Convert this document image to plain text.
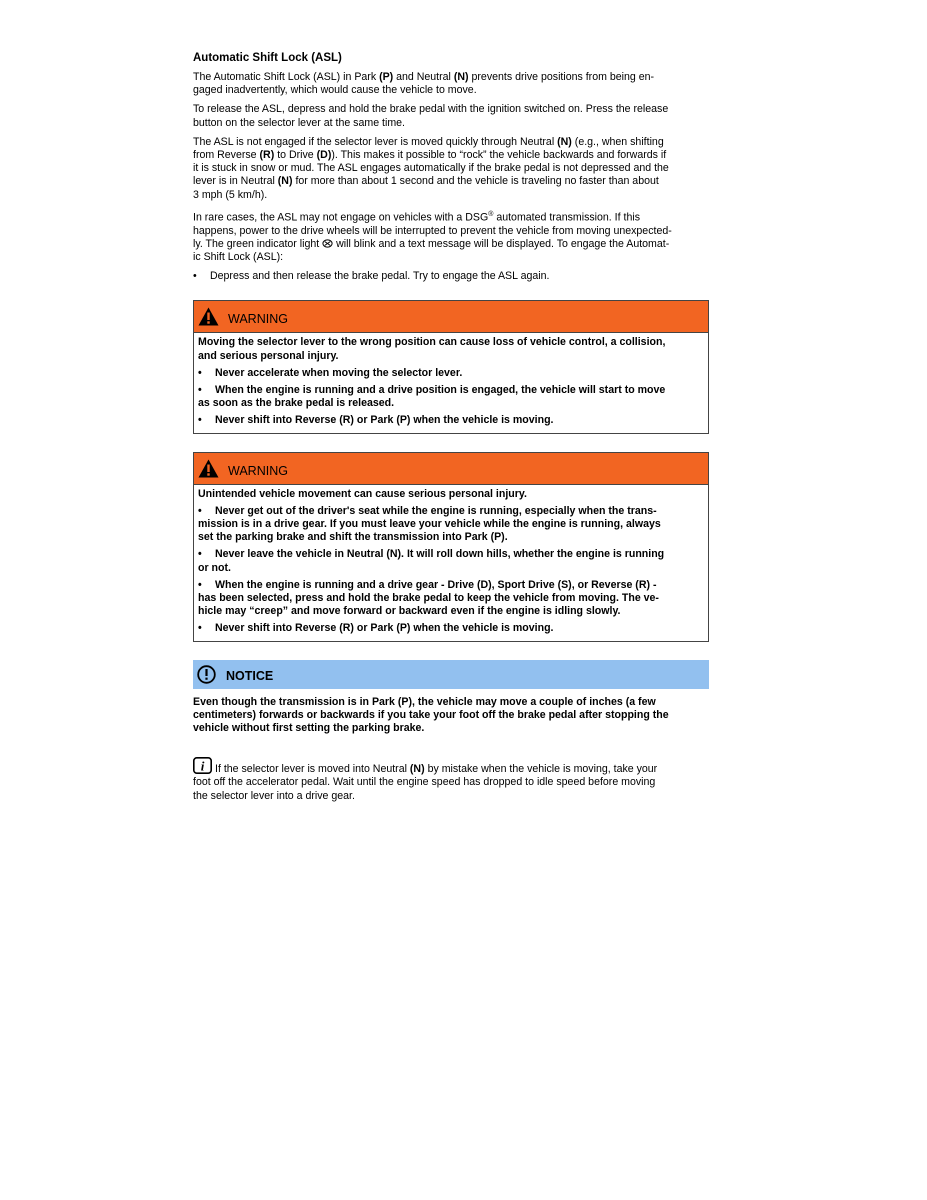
Automatic Shift Lock (ASL)

The Automatic Shift Lock (ASL) in Park (P) and Neutral (N) prevents drive positions from being en-
gaged inadvertently, which would cause the vehicle to move.

To release the ASL, depress and hold the brake pedal with the ignition switched on. Press the release
button on the selector lever at the same time.

The ASL is not engaged if the selector lever is moved quickly through Neutral (N) (e.g., when shifting
from Reverse (R) to Drive (D)). This makes it possible to “rock” the vehicle backwards and forwards if
it is stuck in snow or mud. The ASL engages automatically if the brake pedal is not depressed and the
lever is in Neutral (N) for more than about 1 second and the vehicle is traveling no faster than about
3 mph (5 km/h).

In rare cases, the ASL may not engage on vehicles with a DSG® automated transmission. If this
happens, power to the drive wheels will be interrupted to prevent the vehicle from moving unexpected-
ly. The green indicator light  will blink and a text message will be displayed. To engage the Automat-
ic Shift Lock (ASL):

•	Depress and then release the brake pedal. Try to engage the ASL again.
WARNING

Moving the selector lever to the wrong position can cause loss of vehicle control, a collision,
and serious personal injury.

• Never accelerate when moving the selector lever.

• When the engine is running and a drive position is engaged, the vehicle will start to move
as soon as the brake pedal is released.

• Never shift into Reverse (R) or Park (P) when the vehicle is moving.

WARNING

Unintended vehicle movement can cause serious personal injury.

• Never get out of the driver's seat while the engine is running, especially when the trans-
mission is in a drive gear. If you must leave your vehicle while the engine is running, always
set the parking brake and shift the transmission into Park (P).

• Never leave the vehicle in Neutral (N). It will roll down hills, whether the engine is running
or not.

• When the engine is running and a drive gear - Drive (D), Sport Drive (S), or Reverse (R) -
has been selected, press and hold the brake pedal to keep the vehicle from moving. The ve-
hicle may “creep” and move forward or backward even if the engine is idling slowly.

• Never shift into Reverse (R) or Park (P) when the vehicle is moving.

NOTICE

Even though the transmission is in Park (P), the vehicle may move a couple of inches (a few
centimeters) forwards or backwards if you take your foot off the brake pedal after stopping the
vehicle without first setting the parking brake.

i If the selector lever is moved into Neutral (N) by mistake when the vehicle is moving, take your
foot off the accelerator pedal. Wait until the engine speed has dropped to idle speed before moving
the selector lever into a drive gear.
